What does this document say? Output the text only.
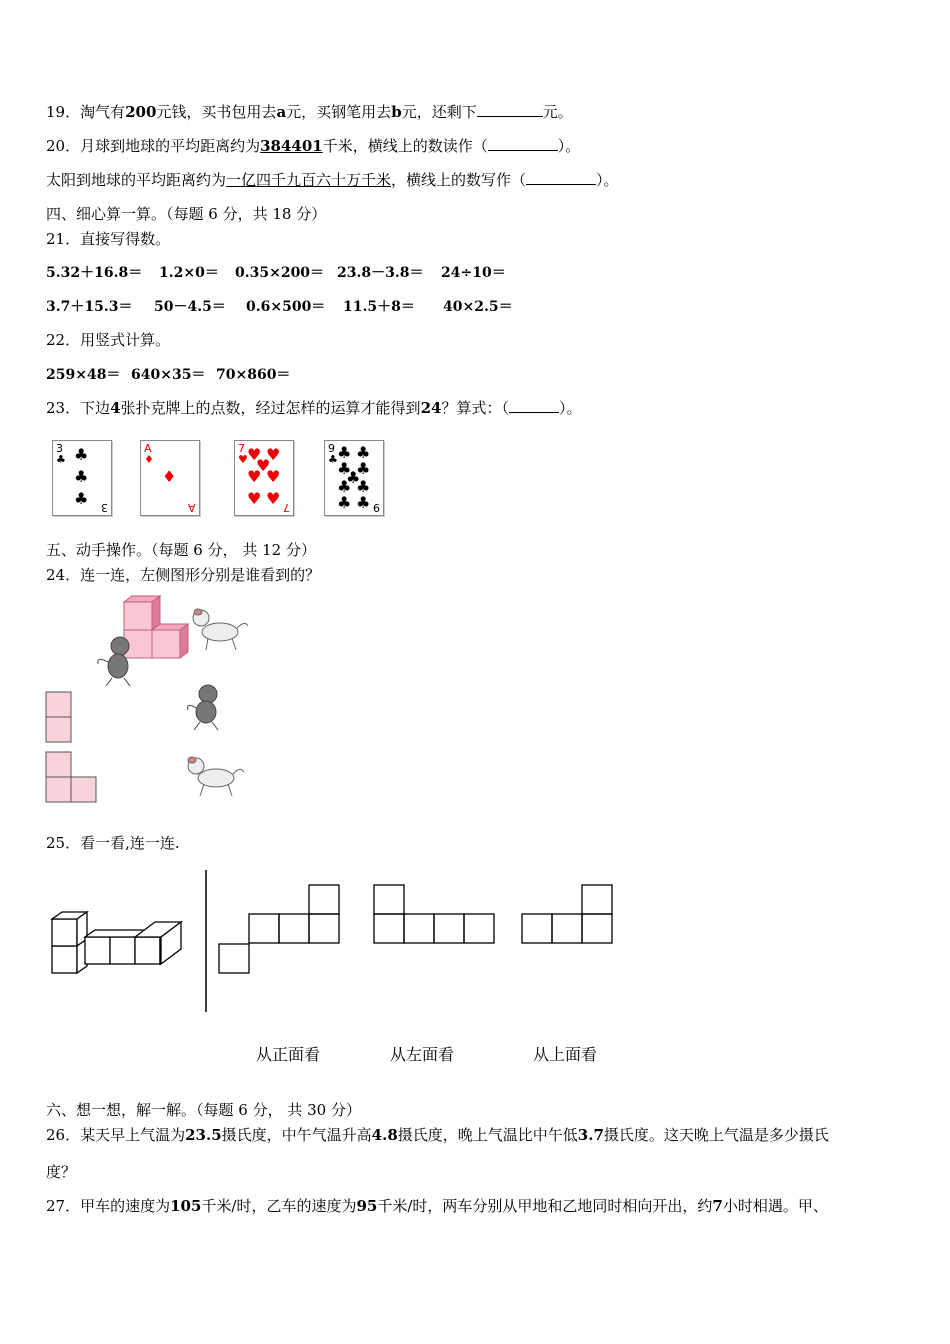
19．淘气有200元钱，买书包用去a元，买钢笔用去b元，还剩下	元。
20．月球到地球的平均距离约为384401千米，横线上的数读作（	）。
太阳到地球的平均距离约为一亿四千九百六十万千米，横线上的数写作（	）。
四、细心算一算。（每题 6 分，共 18 分）
21．直接写得数。
5.32＋16.8＝ 1.2×0＝ 0.35×200＝ 23.8－3.8＝ 24÷10＝
3.7＋15.3＝ 50－4.5＝ 0.6×500＝ 11.5＋8＝ 40×2.5＝
22．用竖式计算。
259×48＝ 640×35＝ 70×860＝
23．下边4张扑克牌上的点数，经过怎样的运算才能得到24？算式：（	）。
3
♣ ♣
♣
♣ 3
A
♦
♦
A
7
♥ ♥ ♥
♥
♥ ♥
♥ ♥ 7
9
♣ ♣ ♣
♣ ♣
♣
♣ ♣
♣ ♣ 9
五、动手操作。（每题 6 分， 共 12 分）
24．连一连，左侧图形分别是谁看到的？
25．看一看,连一连.
从正面看	从左面看	从上面看
六、想一想，解一解。（每题 6 分， 共 30 分）
26．某天早上气温为23.5摄氏度，中午气温升高4.8摄氏度，晚上气温比中午低3.7摄氏度。这天晚上气温是多少摄氏
度？
27．甲车的速度为105千米/时，乙车的速度为95千米/时，两车分别从甲地和乙地同时相向开出，约7小时相遇。甲、
